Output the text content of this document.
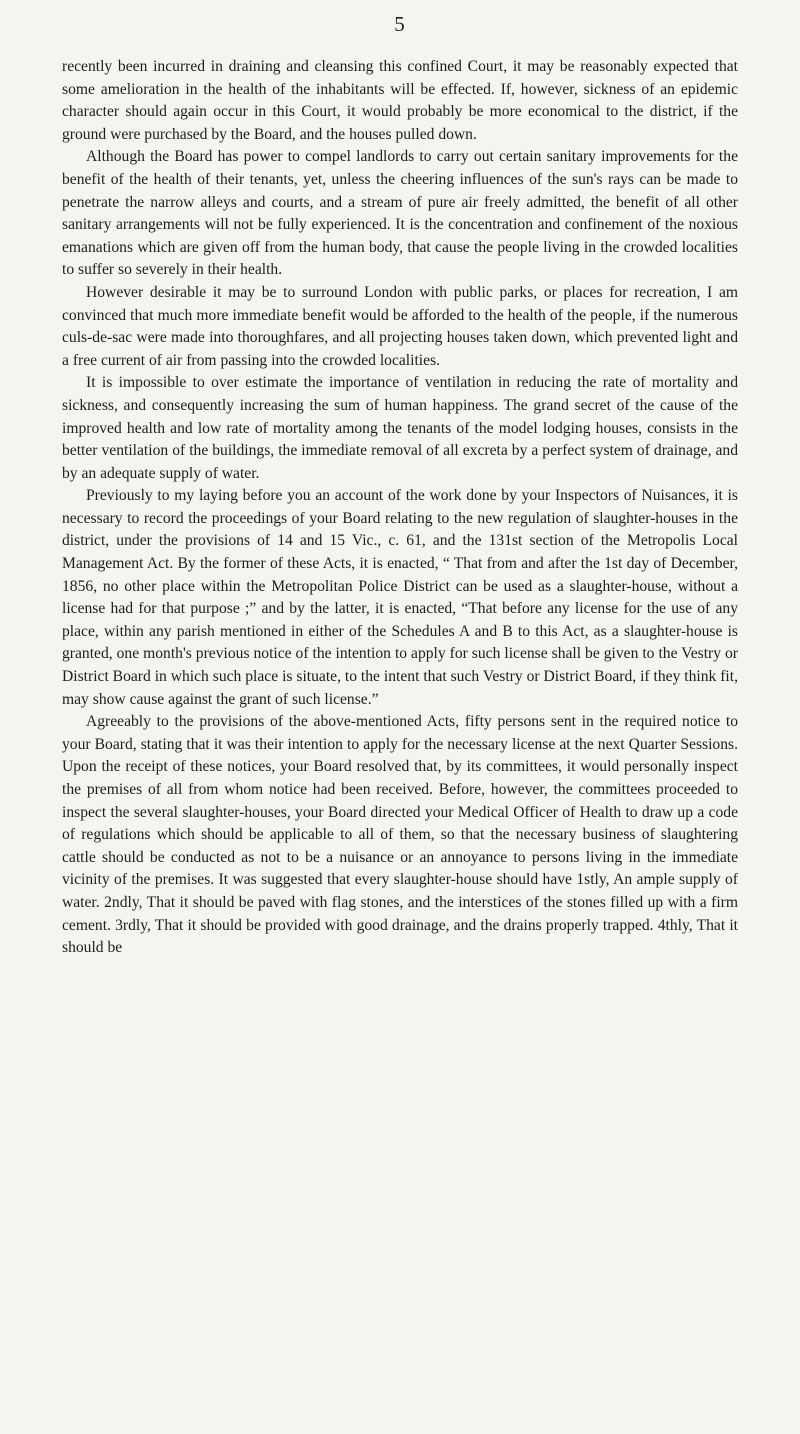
5

recently been incurred in draining and cleansing this confined Court, it may be reasonably expected that some amelioration in the health of the inhabitants will be effected. If, however, sickness of an epidemic character should again occur in this Court, it would probably be more economical to the district, if the ground were purchased by the Board, and the houses pulled down.

Although the Board has power to compel landlords to carry out certain sanitary improvements for the benefit of the health of their tenants, yet, unless the cheering influences of the sun's rays can be made to penetrate the narrow alleys and courts, and a stream of pure air freely admitted, the benefit of all other sanitary arrangements will not be fully experienced. It is the concentration and confinement of the noxious emanations which are given off from the human body, that cause the people living in the crowded localities to suffer so severely in their health.

However desirable it may be to surround London with public parks, or places for recreation, I am convinced that much more immediate benefit would be afforded to the health of the people, if the numerous culs-de-sac were made into thoroughfares, and all projecting houses taken down, which prevented light and a free current of air from passing into the crowded localities.

It is impossible to over estimate the importance of ventilation in reducing the rate of mortality and sickness, and consequently increasing the sum of human happiness. The grand secret of the cause of the improved health and low rate of mortality among the tenants of the model lodging houses, consists in the better ventilation of the buildings, the immediate removal of all excreta by a perfect system of drainage, and by an adequate supply of water.

Previously to my laying before you an account of the work done by your Inspectors of Nuisances, it is necessary to record the proceedings of your Board relating to the new regulation of slaughter-houses in the district, under the provisions of 14 and 15 Vic., c. 61, and the 131st section of the Metropolis Local Management Act. By the former of these Acts, it is enacted, “ That from and after the 1st day of December, 1856, no other place within the Metropolitan Police District can be used as a slaughter-house, without a license had for that purpose ;” and by the latter, it is enacted, “That before any license for the use of any place, within any parish mentioned in either of the Schedules A and B to this Act, as a slaughter-house is granted, one month's previous notice of the intention to apply for such license shall be given to the Vestry or District Board in which such place is situate, to the intent that such Vestry or District Board, if they think fit, may show cause against the grant of such license.”

Agreeably to the provisions of the above-mentioned Acts, fifty persons sent in the required notice to your Board, stating that it was their intention to apply for the necessary license at the next Quarter Sessions. Upon the receipt of these notices, your Board resolved that, by its committees, it would personally inspect the premises of all from whom notice had been received. Before, however, the committees proceeded to inspect the several slaughter-houses, your Board directed your Medical Officer of Health to draw up a code of regulations which should be applicable to all of them, so that the necessary business of slaughtering cattle should be conducted as not to be a nuisance or an annoyance to persons living in the immediate vicinity of the premises. It was suggested that every slaughter-house should have 1stly, An ample supply of water. 2ndly, That it should be paved with flag stones, and the interstices of the stones filled up with a firm cement. 3rdly, That it should be provided with good drainage, and the drains properly trapped. 4thly, That it should be
